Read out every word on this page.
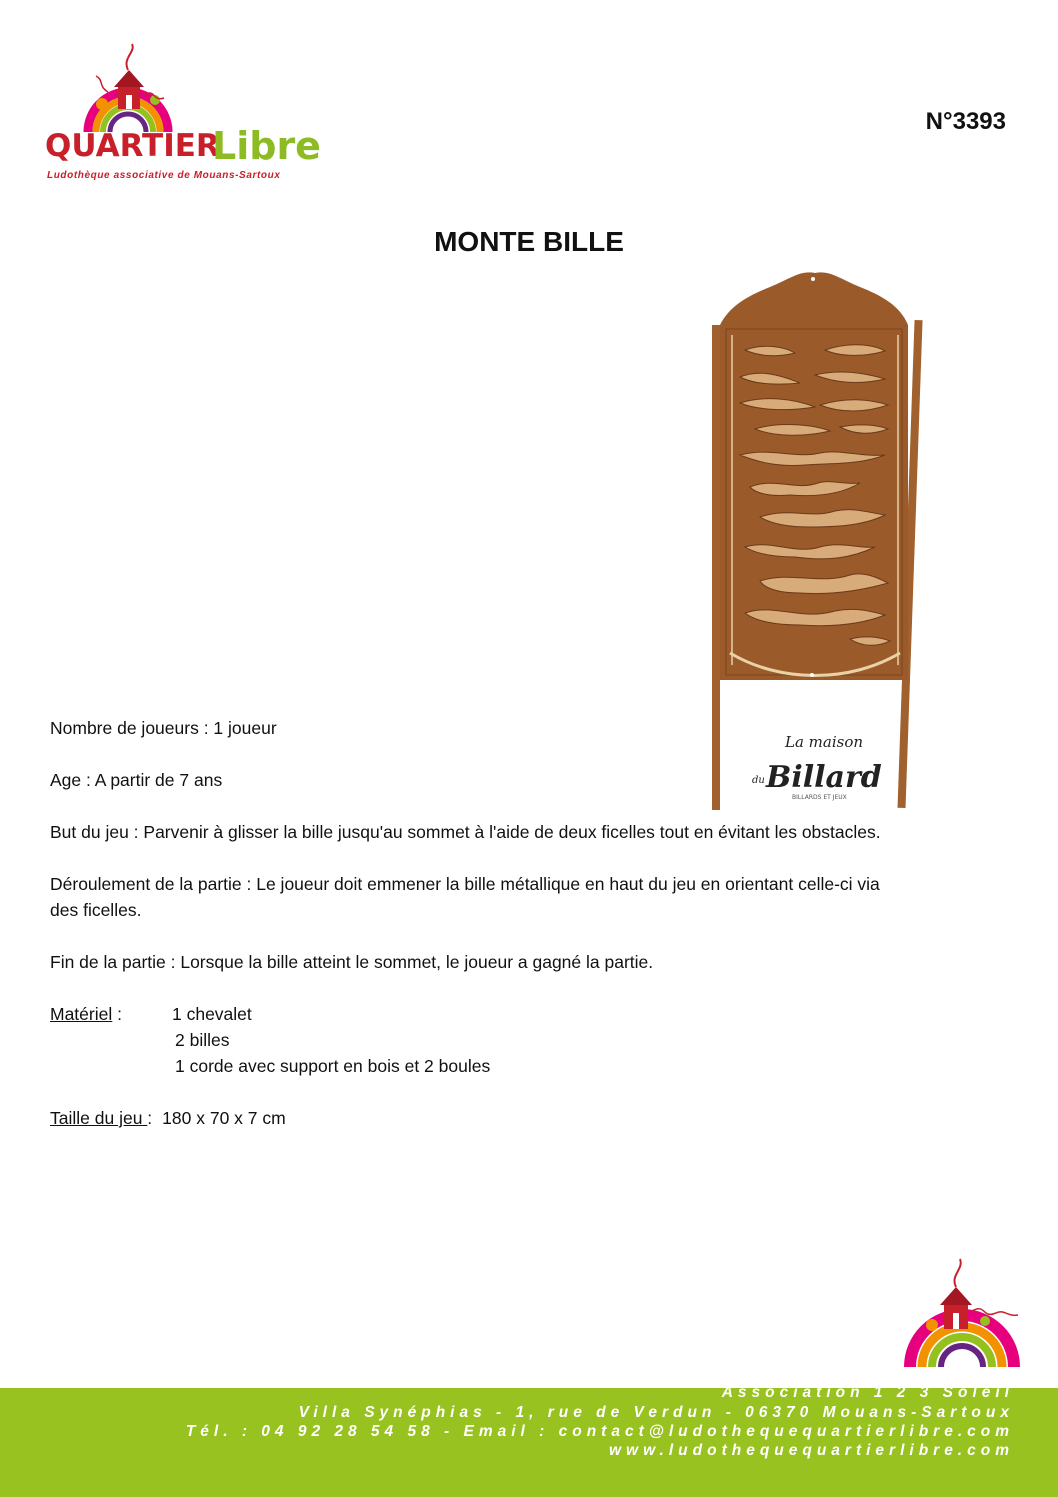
QUARTIER
Libre
Ludothèque associative de Mouans-Sartoux
N°3393
MONTE BILLE
La maison
du Billard
BILLARDS ET JEUX
Nombre de joueurs : 1 joueur
Age : A partir de 7 ans
But du jeu : Parvenir à glisser la bille jusqu'au sommet à l'aide de deux ficelles tout en évitant les obstacles.
Déroulement de la partie : Le joueur doit emmener la bille métallique en haut du jeu en orientant celle-ci via
des ficelles.
Fin de la partie : Lorsque la bille atteint le sommet, le joueur a gagné la partie.
Matériel :	1 chevalet
2 billes
1 corde avec support en bois et 2 boules
Taille du jeu : 180 x 70 x 7 cm
Association 1 2 3 Soleil
Villa Synéphias - 1, rue de Verdun - 06370 Mouans-Sartoux
Tél. : 04 92 28 54 58 - Email : contact@ludothequequartierlibre.com
www.ludothequequartierlibre.com
